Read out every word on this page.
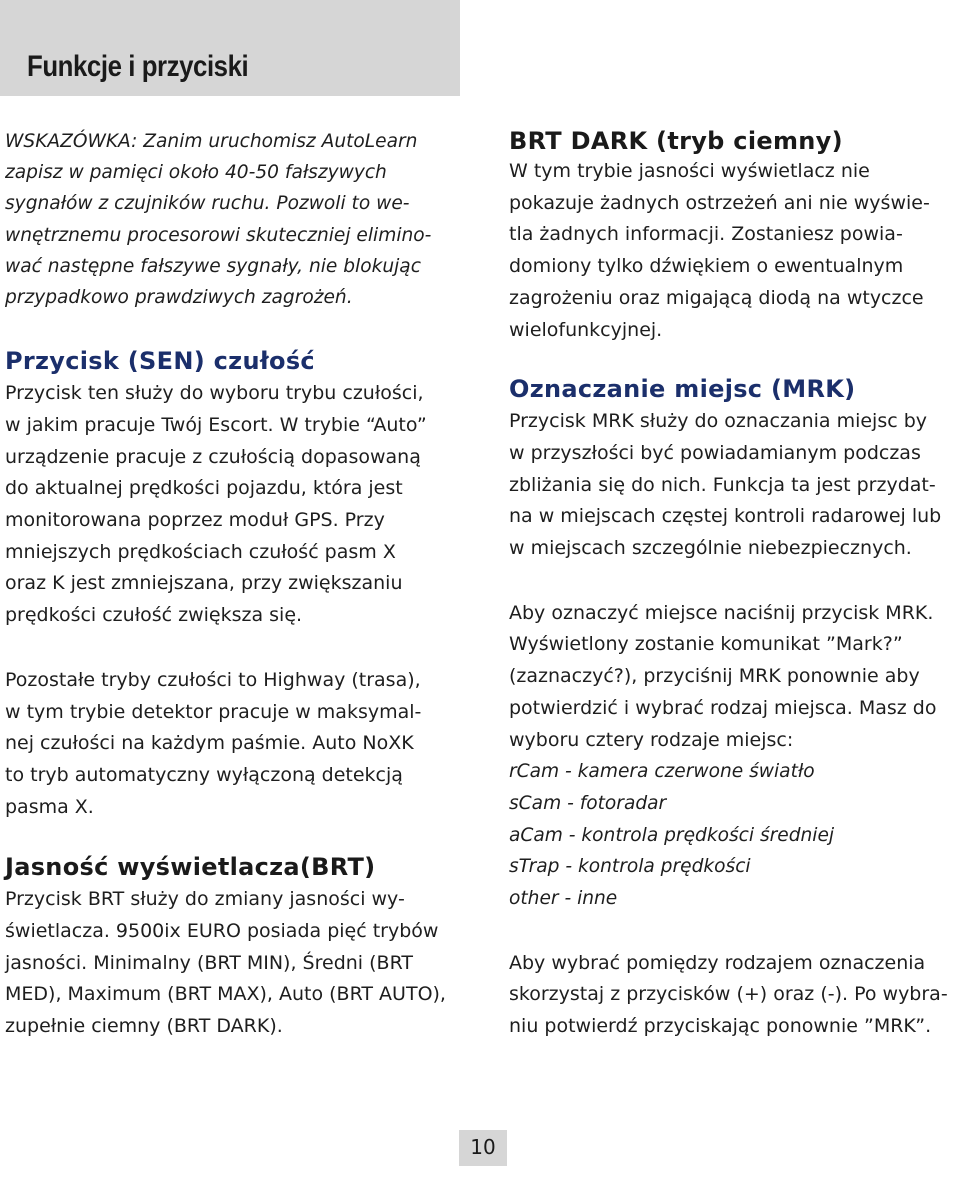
Funkcje i przyciski

WSKAZÓWKA: Zanim uruchomisz AutoLearn
zapisz w pamięci około 40-50 fałszywych
sygnałów z czujników ruchu. Pozwoli to we-
wnętrznemu procesorowi skuteczniej elimino-
wać następne fałszywe sygnały, nie blokując
przypadkowo prawdziwych zagrożeń.

Przycisk (SEN) czułość

Przycisk ten służy do wyboru trybu czułości,
w jakim pracuje Twój Escort. W trybie “Auto”
urządzenie pracuje z czułością dopasowaną
do aktualnej prędkości pojazdu, która jest
monitorowana poprzez moduł GPS. Przy
mniejszych prędkościach czułość pasm X
oraz K jest zmniejszana, przy zwiększaniu
prędkości czułość zwiększa się.

Pozostałe tryby czułości to Highway (trasa),
w tym trybie detektor pracuje w maksymal-
nej czułości na każdym paśmie. Auto NoXK
to tryb automatyczny wyłączoną detekcją
pasma X.

Jasność wyświetlacza(BRT)

Przycisk BRT służy do zmiany jasności wy-
świetlacza. 9500ix EURO posiada pięć trybów
jasności. Minimalny (BRT MIN), Średni (BRT
MED), Maximum (BRT MAX), Auto (BRT AUTO),
zupełnie ciemny (BRT DARK).

BRT DARK (tryb ciemny)

W tym trybie jasności wyświetlacz nie
pokazuje żadnych ostrzeżeń ani nie wyświe-
tla żadnych informacji. Zostaniesz powia-
domiony tylko dźwiękiem o ewentualnym
zagrożeniu oraz migającą diodą na wtyczce
wielofunkcyjnej.

Oznaczanie miejsc (MRK)

Przycisk MRK służy do oznaczania miejsc by
w przyszłości być powiadamianym podczas
zbliżania się do nich. Funkcja ta jest przydat-
na w miejscach częstej kontroli radarowej lub
w miejscach szczególnie niebezpiecznych.

Aby oznaczyć miejsce naciśnij przycisk MRK.
Wyświetlony zostanie komunikat ”Mark?”
(zaznaczyć?), przyciśnij MRK ponownie aby
potwierdzić i wybrać rodzaj miejsca. Masz do
wyboru cztery rodzaje miejsc:

rCam - kamera czerwone światło
sCam - fotoradar
aCam - kontrola prędkości średniej
sTrap - kontrola prędkości
other - inne

Aby wybrać pomiędzy rodzajem oznaczenia
skorzystaj z przycisków (+) oraz (-). Po wybra-
niu potwierdź przyciskając ponownie ”MRK”.

10
